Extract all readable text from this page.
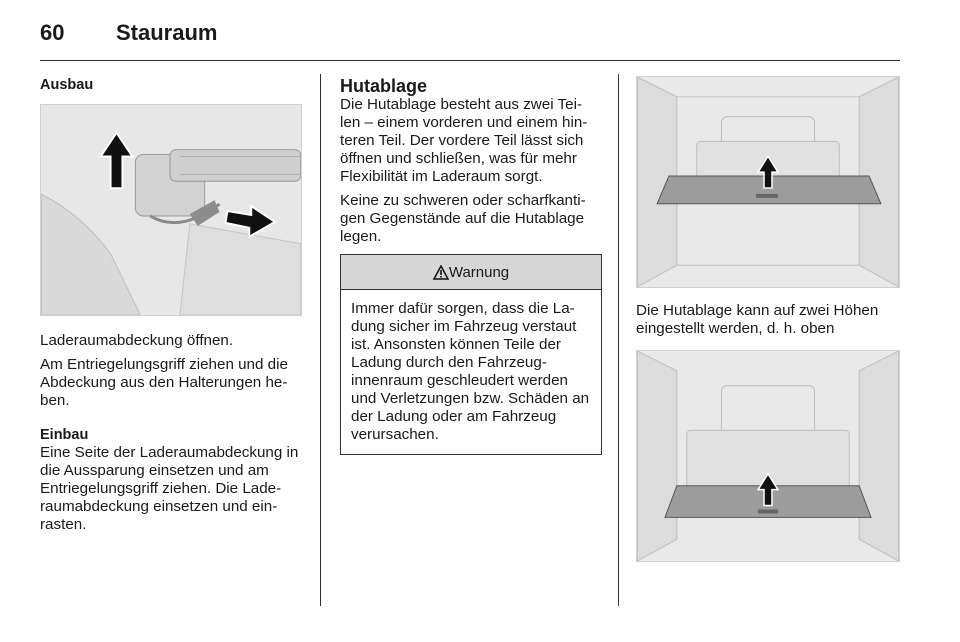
60 Stauraum
Ausbau

Laderaumabdeckung öffnen.

Am Entriegelungsgriff ziehen und die Abdeckung aus den Halterungen he-ben.

Einbau

Eine Seite der Laderaumabdeckung in die Aussparung einsetzen und am Entriegelungsgriff ziehen. Die Lade-raumabdeckung einsetzen und ein-rasten.

Hutablage

Die Hutablage besteht aus zwei Tei-len – einem vorderen und einem hin-teren Teil. Der vordere Teil lässt sich öffnen und schließen, was für mehr Flexibilität im Laderaum sorgt.

Keine zu schweren oder scharfkanti-gen Gegenstände auf die Hutablage legen.

Warnung

Immer dafür sorgen, dass die La-dung sicher im Fahrzeug verstaut ist. Ansonsten können Teile der Ladung durch den Fahrzeug-innenraum geschleudert werden und Verletzungen bzw. Schäden an der Ladung oder am Fahrzeug verursachen.

Die Hutablage kann auf zwei Höhen eingestellt werden, d. h. oben
